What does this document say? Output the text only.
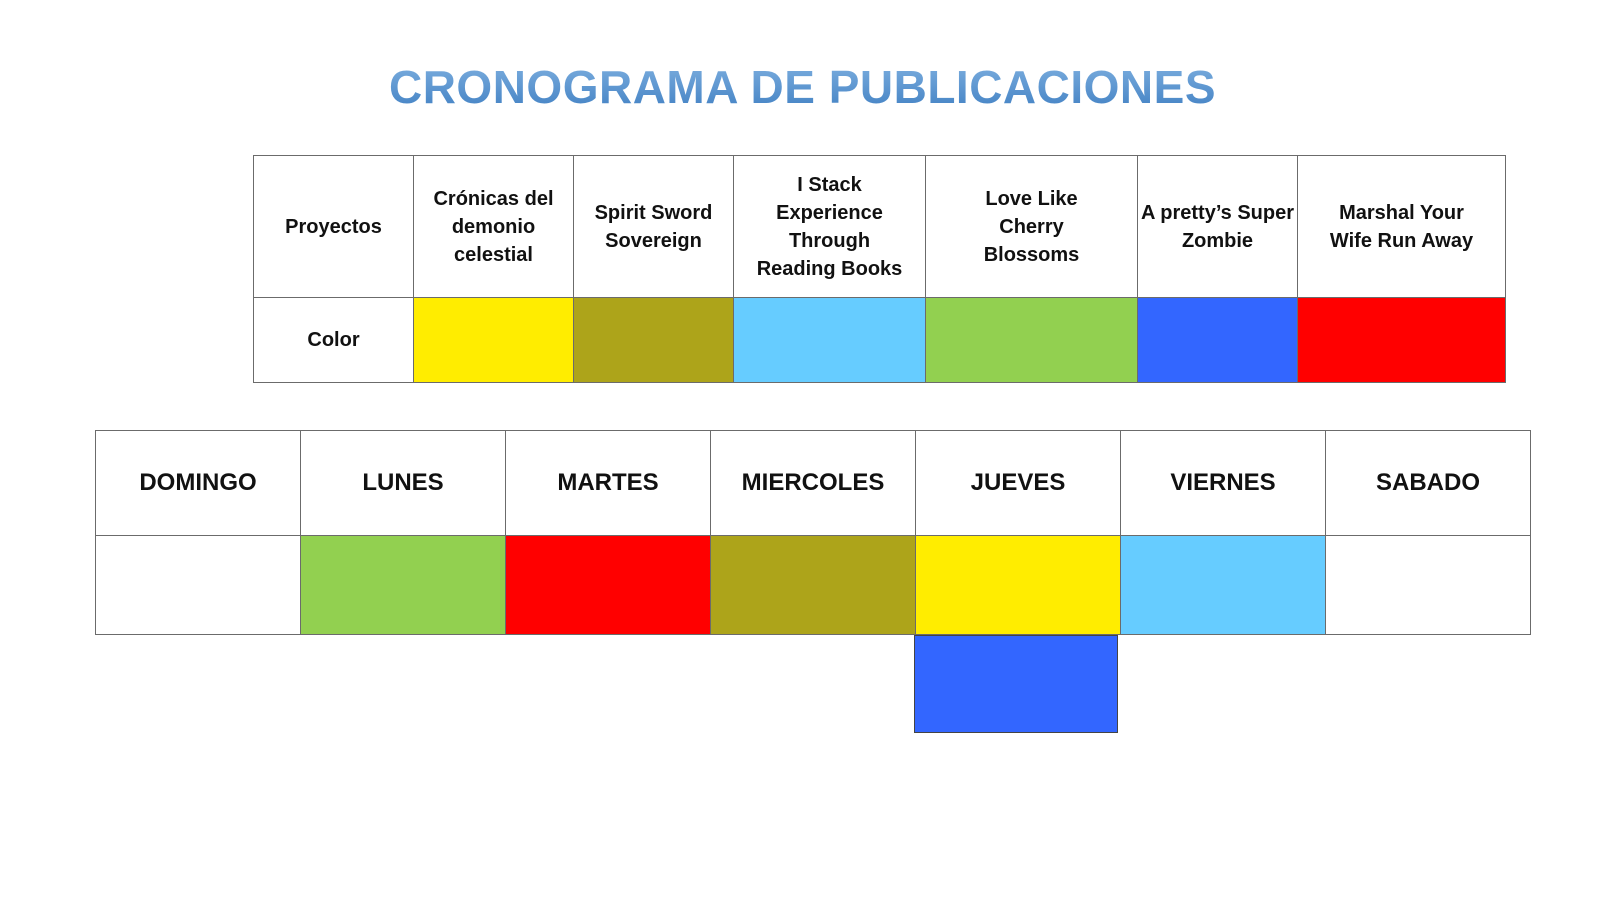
CRONOGRAMA DE PUBLICACIONES
Proyectos	Crónicas del demonio celestial	Spirit Sword Sovereign	I Stack Experience Through Reading Books	Love Like Cherry Blossoms	A pretty’s Super Zombie	Marshal Your Wife Run Away
Color						
DOMINGO	LUNES	MARTES	MIERCOLES	JUEVES	VIERNES	SABADO
